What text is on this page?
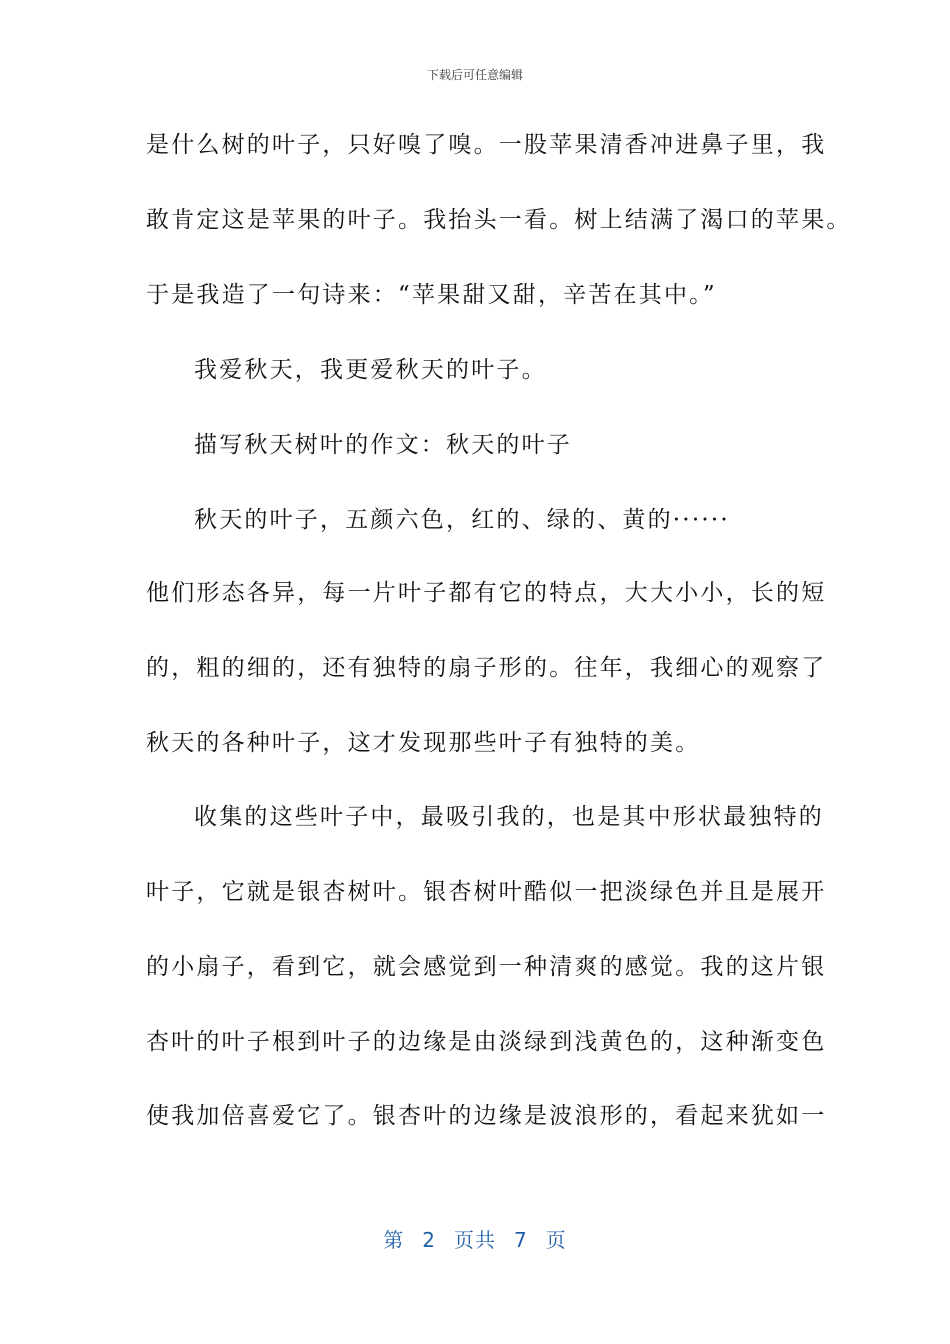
下载后可任意编辑
是什么树的叶子，只好嗅了嗅。一股苹果清香冲进鼻子里，我
敢肯定这是苹果的叶子。我抬头一看。树上结满了渴口的苹果。
于是我造了一句诗来：“苹果甜又甜，辛苦在其中。”
我爱秋天，我更爱秋天的叶子。
描写秋天树叶的作文：秋天的叶子
秋天的叶子，五颜六色，红的、绿的、黄的······
他们形态各异，每一片叶子都有它的特点，大大小小，长的短
的，粗的细的，还有独特的扇子形的。往年，我细心的观察了
秋天的各种叶子，这才发现那些叶子有独特的美。
收集的这些叶子中，最吸引我的，也是其中形状最独特的
叶子，它就是银杏树叶。银杏树叶酷似一把淡绿色并且是展开
的小扇子，看到它，就会感觉到一种清爽的感觉。我的这片银
杏叶的叶子根到叶子的边缘是由淡绿到浅黄色的，这种渐变色
使我加倍喜爱它了。银杏叶的边缘是波浪形的，看起来犹如一
第 2 页共 7 页
